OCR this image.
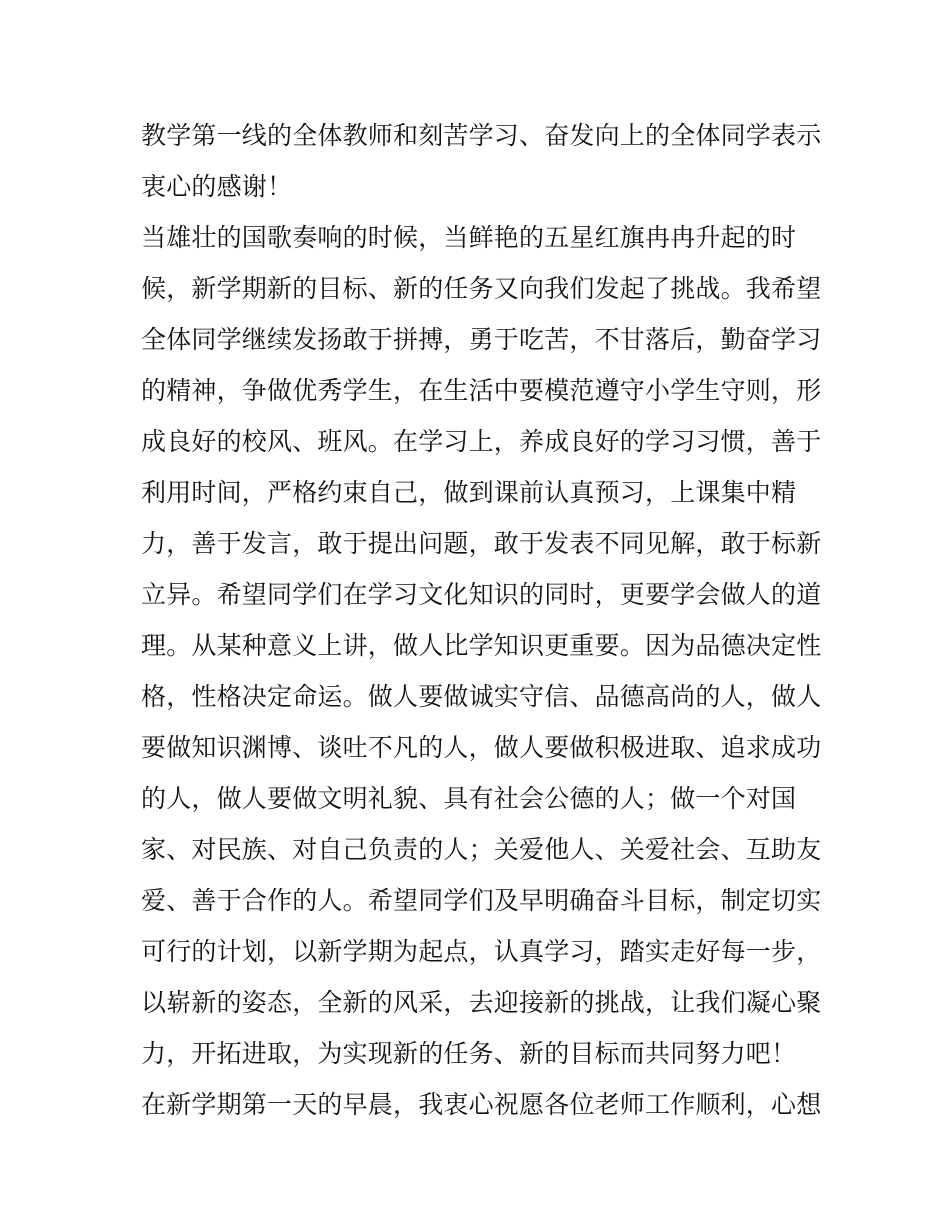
教学第一线的全体教师和刻苦学习、奋发向上的全体同学表示
衷心的感谢！
当雄壮的国歌奏响的时候，当鲜艳的五星红旗冉冉升起的时
候，新学期新的目标、新的任务又向我们发起了挑战。我希望
全体同学继续发扬敢于拼搏，勇于吃苦，不甘落后，勤奋学习
的精神，争做优秀学生，在生活中要模范遵守小学生守则，形
成良好的校风、班风。在学习上，养成良好的学习习惯，善于
利用时间，严格约束自己，做到课前认真预习，上课集中精
力，善于发言，敢于提出问题，敢于发表不同见解，敢于标新
立异。希望同学们在学习文化知识的同时，更要学会做人的道
理。从某种意义上讲，做人比学知识更重要。因为品德决定性
格，性格决定命运。做人要做诚实守信、品德高尚的人，做人
要做知识渊博、谈吐不凡的人，做人要做积极进取、追求成功
的人，做人要做文明礼貌、具有社会公德的人；做一个对国
家、对民族、对自己负责的人；关爱他人、关爱社会、互助友
爱、善于合作的人。希望同学们及早明确奋斗目标，制定切实
可行的计划，以新学期为起点，认真学习，踏实走好每一步，
以崭新的姿态，全新的风采，去迎接新的挑战，让我们凝心聚
力，开拓进取，为实现新的任务、新的目标而共同努力吧！
在新学期第一天的早晨，我衷心祝愿各位老师工作顺利，心想
